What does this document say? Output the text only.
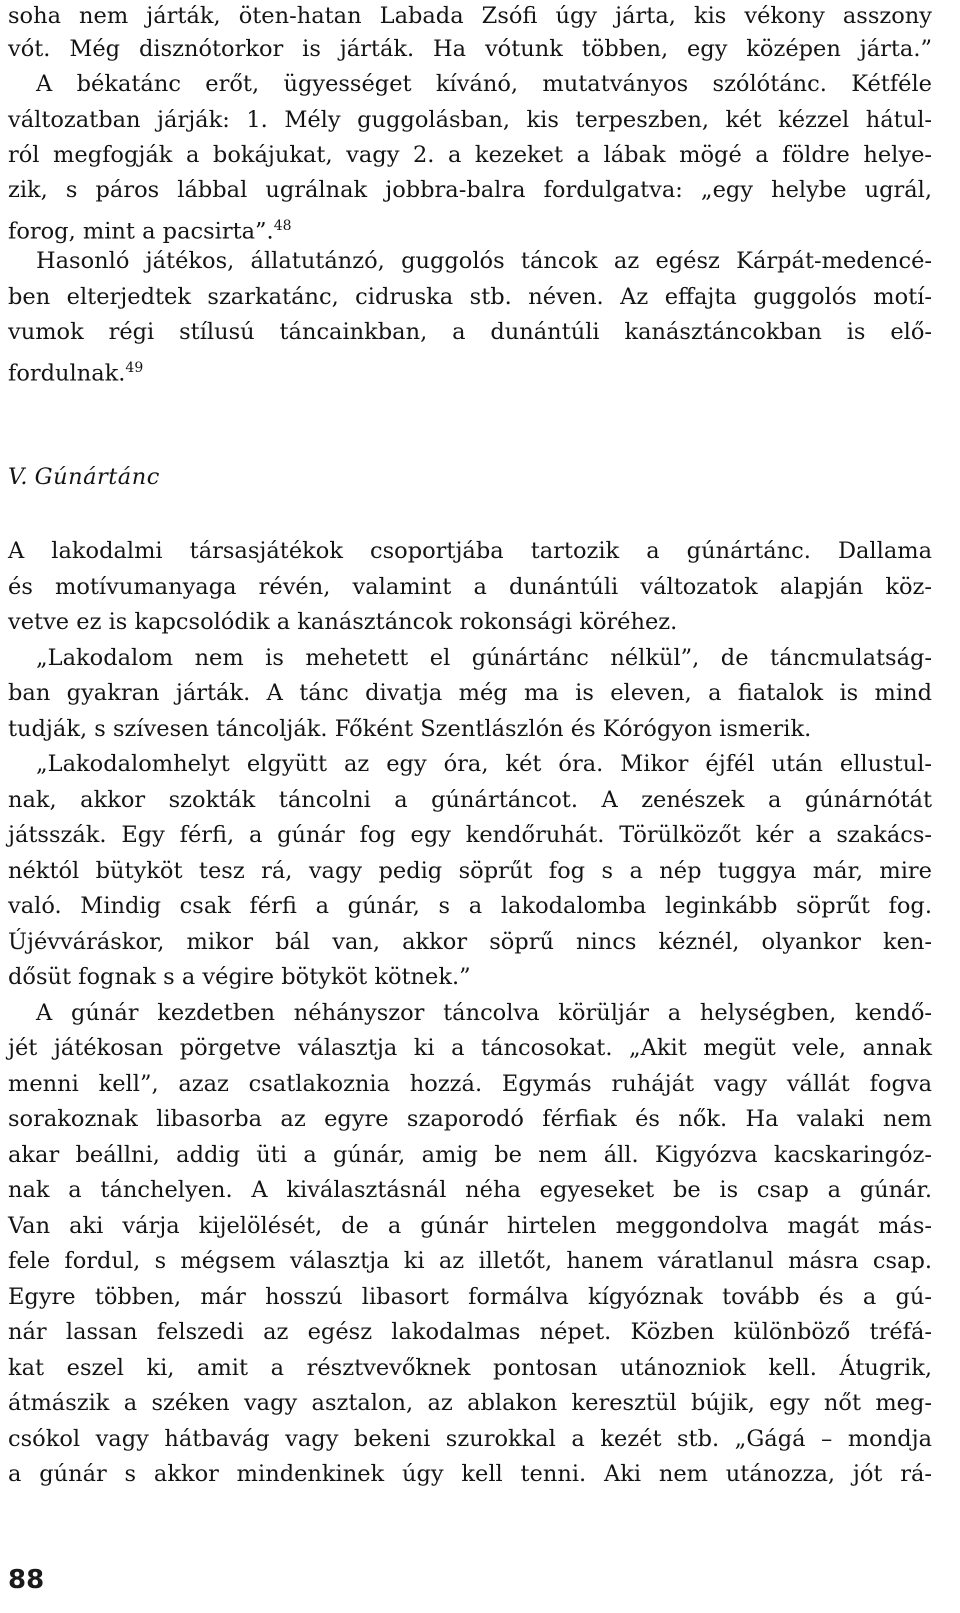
soha nem járták, öten-hatan Labada Zsófi úgy járta, kis vékony asszony
vót. Még disznótorkor is járták. Ha vótunk többen, egy középen járta.”
A békatánc erőt, ügyességet kívánó, mutatványos szólótánc. Kétféle
változatban járják: 1. Mély guggolásban, kis terpeszben, két kézzel hátul-
ról megfogják a bokájukat, vagy 2. a kezeket a lábak mögé a földre helye-
zik, s páros lábbal ugrálnak jobbra-balra fordulgatva: „egy helybe ugrál,
forog, mint a pacsirta”.$^{48}$
Hasonló játékos, állatutánzó, guggolós táncok az egész Kárpát-medencé-
ben elterjedtek szarkatánc, cidruska stb. néven. Az effajta guggolós motí-
vumok régi stílusú táncainkban, a dunántúli kanásztáncokban is elő-
fordulnak.$^{49}$
V. Gúnártánc
A lakodalmi társasjátékok csoportjába tartozik a gúnártánc. Dallama
és motívumanyaga révén, valamint a dunántúli változatok alapján köz-
vetve ez is kapcsolódik a kanásztáncok rokonsági köréhez.
„Lakodalom nem is mehetett el gúnártánc nélkül”, de táncmulatság-
ban gyakran járták. A tánc divatja még ma is eleven, a fiatalok is mind
tudják, s szívesen táncolják. Főként Szentlászlón és Kórógyon ismerik.
„Lakodalomhelyt elgyütt az egy óra, két óra. Mikor éjfél után ellustul-
nak, akkor szokták táncolni a gúnártáncot. A zenészek a gúnárnótát
játsszák. Egy férfi, a gúnár fog egy kendőruhát. Törülközőt kér a szakács-
néktól bütyköt tesz rá, vagy pedig söprűt fog s a nép tuggya már, mire
való. Mindig csak férfi a gúnár, s a lakodalomba leginkább söprűt fog.
Újévváráskor, mikor bál van, akkor söprű nincs kéznél, olyankor ken-
dősüt fognak s a végire bötyköt kötnek.”
A gúnár kezdetben néhányszor táncolva körüljár a helységben, kendő-
jét játékosan pörgetve választja ki a táncosokat. „Akit megüt vele, annak
menni kell”, azaz csatlakoznia hozzá. Egymás ruháját vagy vállát fogva
sorakoznak libasorba az egyre szaporodó férfiak és nők. Ha valaki nem
akar beállni, addig üti a gúnár, amig be nem áll. Kigyózva kacskaringóz-
nak a tánchelyen. A kiválasztásnál néha egyeseket be is csap a gúnár.
Van aki várja kijelölését, de a gúnár hirtelen meggondolva magát más-
fele fordul, s mégsem választja ki az illetőt, hanem váratlanul másra csap.
Egyre többen, már hosszú libasort formálva kígyóznak tovább és a gú-
nár lassan felszedi az egész lakodalmas népet. Közben különböző tréfá-
kat eszel ki, amit a résztvevőknek pontosan utánozniok kell. Átugrik,
átmászik a széken vagy asztalon, az ablakon keresztül bújik, egy nőt meg-
csókol vagy hátbavág vagy bekeni szurokkal a kezét stb. „Gágá – mondja
a gúnár s akkor mindenkinek úgy kell tenni. Aki nem utánozza, jót rá-
88
